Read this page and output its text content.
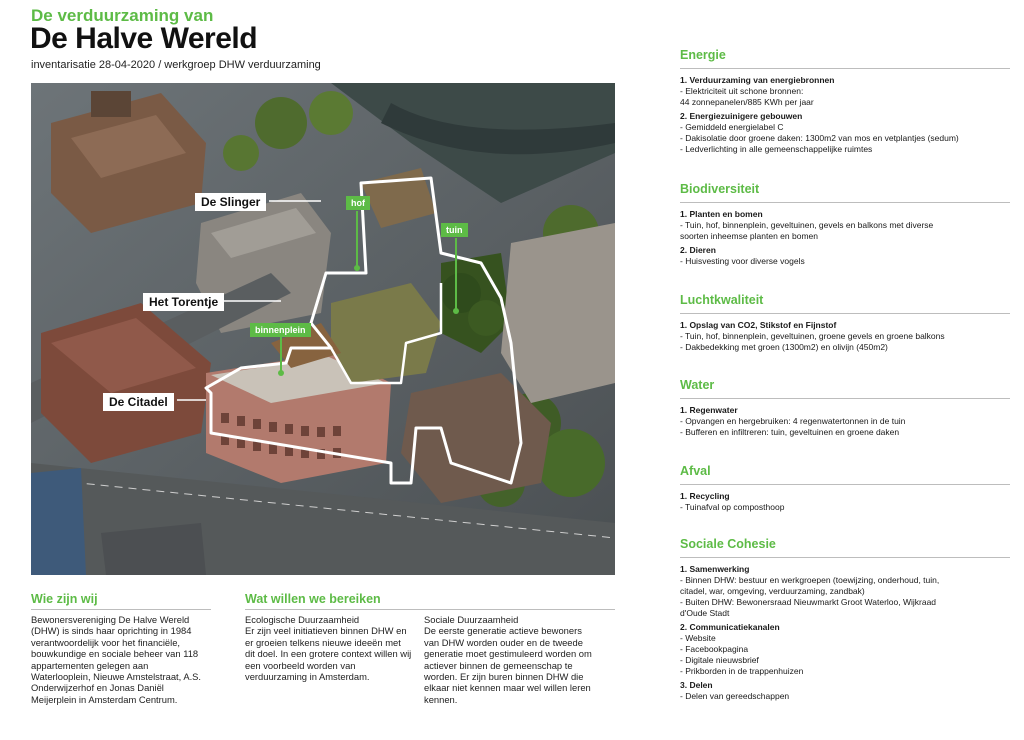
De verduurzaming van
De Halve Wereld
inventarisatie 28-04-2020 / werkgroep DHW verduurzaming
De Slinger
Het Torentje
De Citadel
hof
tuin
binnenplein
Wie zijn wij
Bewonersvereniging De Halve Wereld (DHW) is sinds haar oprichting in 1984 verantwoordelijk voor het financiële, bouwkundige en sociale beheer van 118 appartementen gelegen aan Waterlooplein, Nieuwe Amstelstraat, A.S. Onderwijzerhof en Jonas Daniël Meijerplein in Amsterdam Centrum.
Wat willen we bereiken

Ecologische Duurzaamheid

Er zijn veel initiatieven binnen DHW en er groeien telkens nieuwe ideeën met dit doel. In een grotere context willen wij een voorbeeld worden van verduurzaming in Amsterdam.

Sociale Duurzaamheid

De eerste generatie actieve bewoners van DHW worden ouder en de tweede generatie moet gestimuleerd worden om actiever binnen de gemeenschap te worden. Er zijn buren binnen DHW die elkaar niet kennen maar wel willen leren kennen.

Energie
1. Verduurzaming van energiebronnen
- Elektriciteit uit schone bronnen:
44 zonnepanelen/885 KWh per jaar
2. Energiezuinigere gebouwen
- Gemiddeld energielabel C
- Dakisolatie door groene daken: 1300m2 van mos en vetplantjes (sedum)
- Ledverlichting in alle gemeenschappelijke ruimtes
Biodiversiteit
1. Planten en bomen
- Tuin, hof, binnenplein, geveltuinen, gevels en balkons met diverse
soorten inheemse planten en bomen
2. Dieren
- Huisvesting voor diverse vogels
Luchtkwaliteit
1. Opslag van CO2, Stikstof en Fijnstof
- Tuin, hof, binnenplein, geveltuinen, groene gevels en groene balkons
- Dakbedekking met groen (1300m2) en olivijn (450m2)
Water
1. Regenwater
- Opvangen en hergebruiken: 4 regenwatertonnen in de tuin
- Bufferen en infiltreren: tuin, geveltuinen en groene daken
Afval
1. Recycling
- Tuinafval op composthoop
Sociale Cohesie
1. Samenwerking
- Binnen DHW: bestuur en werkgroepen (toewijzing, onderhoud, tuin,
citadel, war, omgeving, verduurzaming, zandbak)
- Buiten DHW: Bewonersraad Nieuwmarkt Groot Waterloo, Wijkraad
d'Oude Stadt
2. Communicatiekanalen
- Website
- Facebookpagina
- Digitale nieuwsbrief
- Prikborden in de trappenhuizen
3. Delen
- Delen van gereedschappen
